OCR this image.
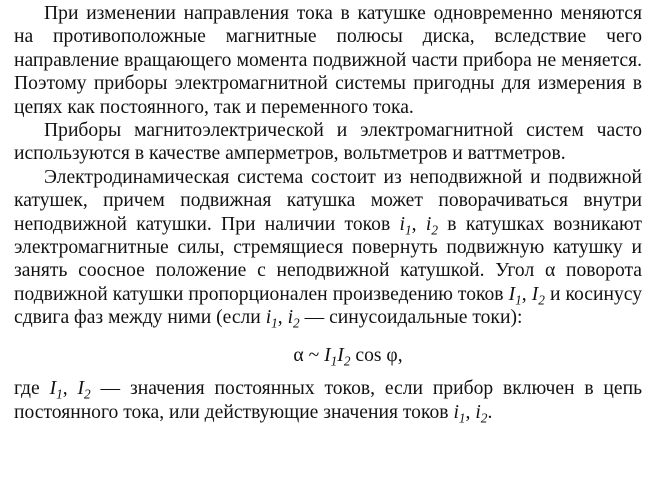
При изменении направления тока в катушке одновременно меняются на противоположные магнитные полюсы диска, вследствие чего направление вращающего момента подвижной части прибора не меняется. Поэтому приборы электромагнитной системы пригодны для измерения в цепях как постоянного, так и переменного тока.

Приборы магнитоэлектрической и электромагнитной систем часто используются в качестве амперметров, вольтметров и ваттметров.

Электродинамическая система состоит из неподвижной и подвижной катушек, причем подвижная катушка может поворачиваться внутри неподвижной катушки. При наличии токов $i_1$, $i_2$ в катушках возникают электромагнитные силы, стремящиеся повернуть подвижную катушку и занять соосное положение с неподвижной катушкой. Угол α поворота подвижной катушки пропорционален произведению токов $I_1$, $I_2$ и косинусу сдвига фаз между ними (если $i_1$, $i_2$ — синусоидальные токи):

α ~ $I_1I_2$ cos φ,

где $I_1$, $I_2$ — значения постоянных токов, если прибор включен в цепь постоянного тока, или действующие значения токов $i_1$, $i_2$.
